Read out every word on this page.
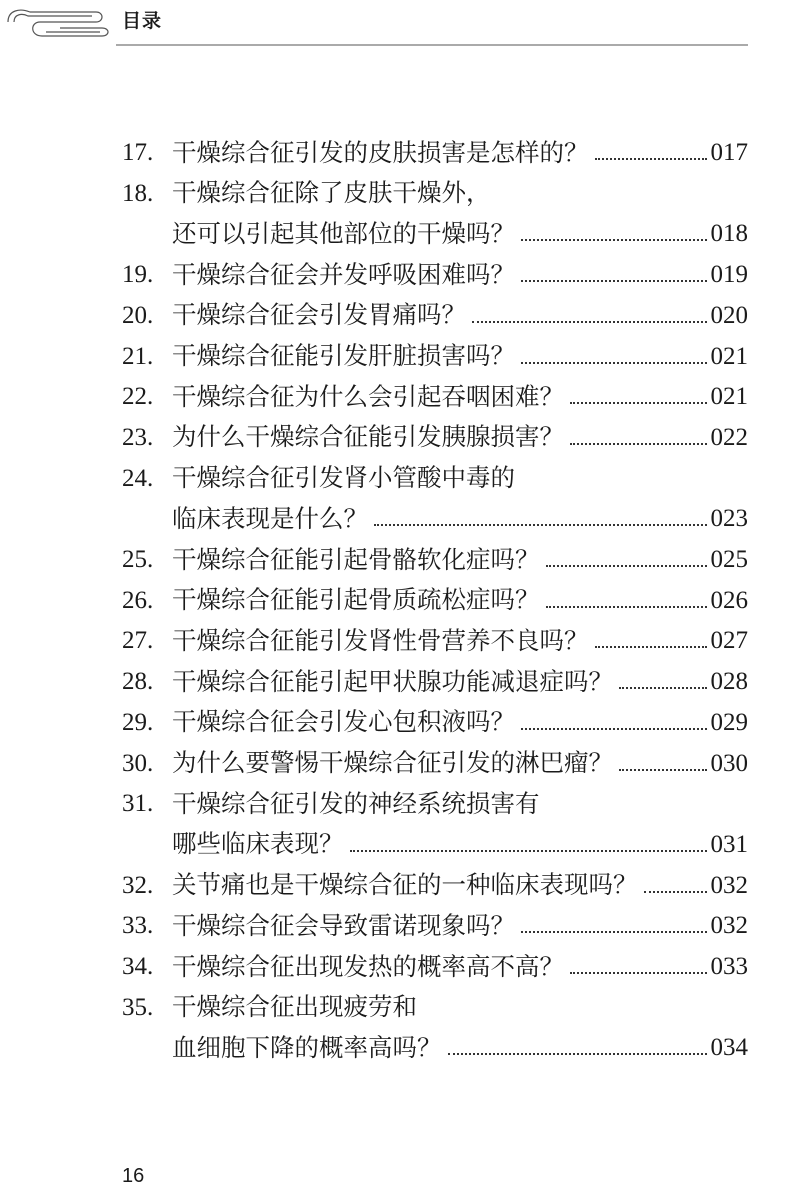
目录
17. 干燥综合征引发的皮肤损害是怎样的？	017
18. 干燥综合征除了皮肤干燥外，
还可以引起其他部位的干燥吗？	018
19. 干燥综合征会并发呼吸困难吗？	019
20. 干燥综合征会引发胃痛吗？	020
21. 干燥综合征能引发肝脏损害吗？	021
22. 干燥综合征为什么会引起吞咽困难？	021
23. 为什么干燥综合征能引发胰腺损害？	022
24. 干燥综合征引发肾小管酸中毒的
临床表现是什么？	023
25. 干燥综合征能引起骨骼软化症吗？	025
26. 干燥综合征能引起骨质疏松症吗？	026
27. 干燥综合征能引发肾性骨营养不良吗？	027
28. 干燥综合征能引起甲状腺功能减退症吗？	028
29. 干燥综合征会引发心包积液吗？	029
30. 为什么要警惕干燥综合征引发的淋巴瘤？	030
31. 干燥综合征引发的神经系统损害有
哪些临床表现？	031
32. 关节痛也是干燥综合征的一种临床表现吗？	032
33. 干燥综合征会导致雷诺现象吗？	032
34. 干燥综合征出现发热的概率高不高？	033
35. 干燥综合征出现疲劳和
血细胞下降的概率高吗？	034
16
